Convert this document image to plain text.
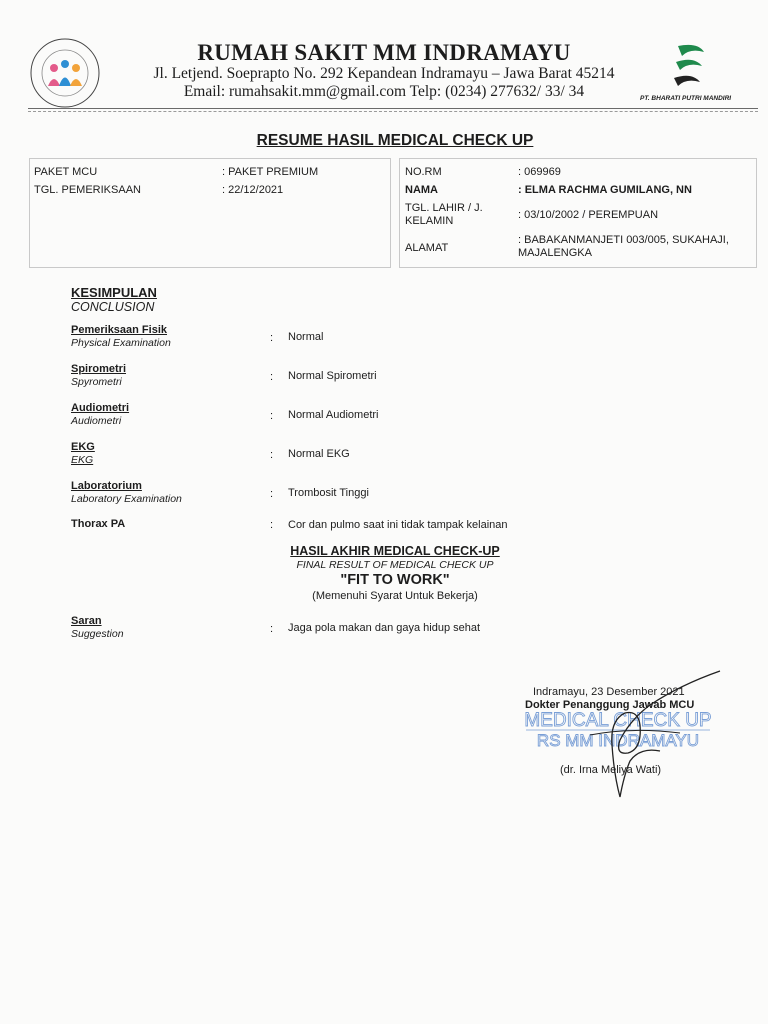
RUMAH SAKIT MM INDRAMAYU
Jl. Letjend. Soeprapto No. 292 Kepandean Indramayu – Jawa Barat 45214
Email: rumahsakit.mm@gmail.com Telp: (0234) 277632/ 33/ 34	PT. BHARATI PUTRI MANDIRI
RESUME HASIL MEDICAL CHECK UP
PAKET MCU	: PAKET PREMIUM
TGL. PEMERIKSAAN	: 22/12/2021
NO.RM	: 069969
NAMA	: ELMA RACHMA GUMILANG, NN
TGL. LAHIR / J. KELAMIN	: 03/10/2002 / PEREMPUAN
ALAMAT
: BABAKANMANJETI 003/005, SUKAHAJI, MAJALENGKA
KESIMPULAN
CONCLUSION
Pemeriksaan Fisik
Physical Examination	: Normal
Spirometri
Spyrometri	: Normal Spirometri
Audiometri
Audiometri	: Normal Audiometri
EKG
EKG	: Normal EKG
Laboratorium
Laboratory Examination	: Trombosit Tinggi
Thorax PA	: Cor dan pulmo saat ini tidak tampak kelainan
HASIL AKHIR MEDICAL CHECK-UP
FINAL RESULT OF MEDICAL CHECK UP
"FIT TO WORK"
(Memenuhi Syarat Untuk Bekerja)
Saran
Suggestion	: Jaga pola makan dan gaya hidup sehat
Indramayu, 23 Desember 2021
Dokter Penanggung Jawab MCU
MEDICAL CHECK UP
RS MM INDRAMAYU
(dr. Irna Meliya Wati)
